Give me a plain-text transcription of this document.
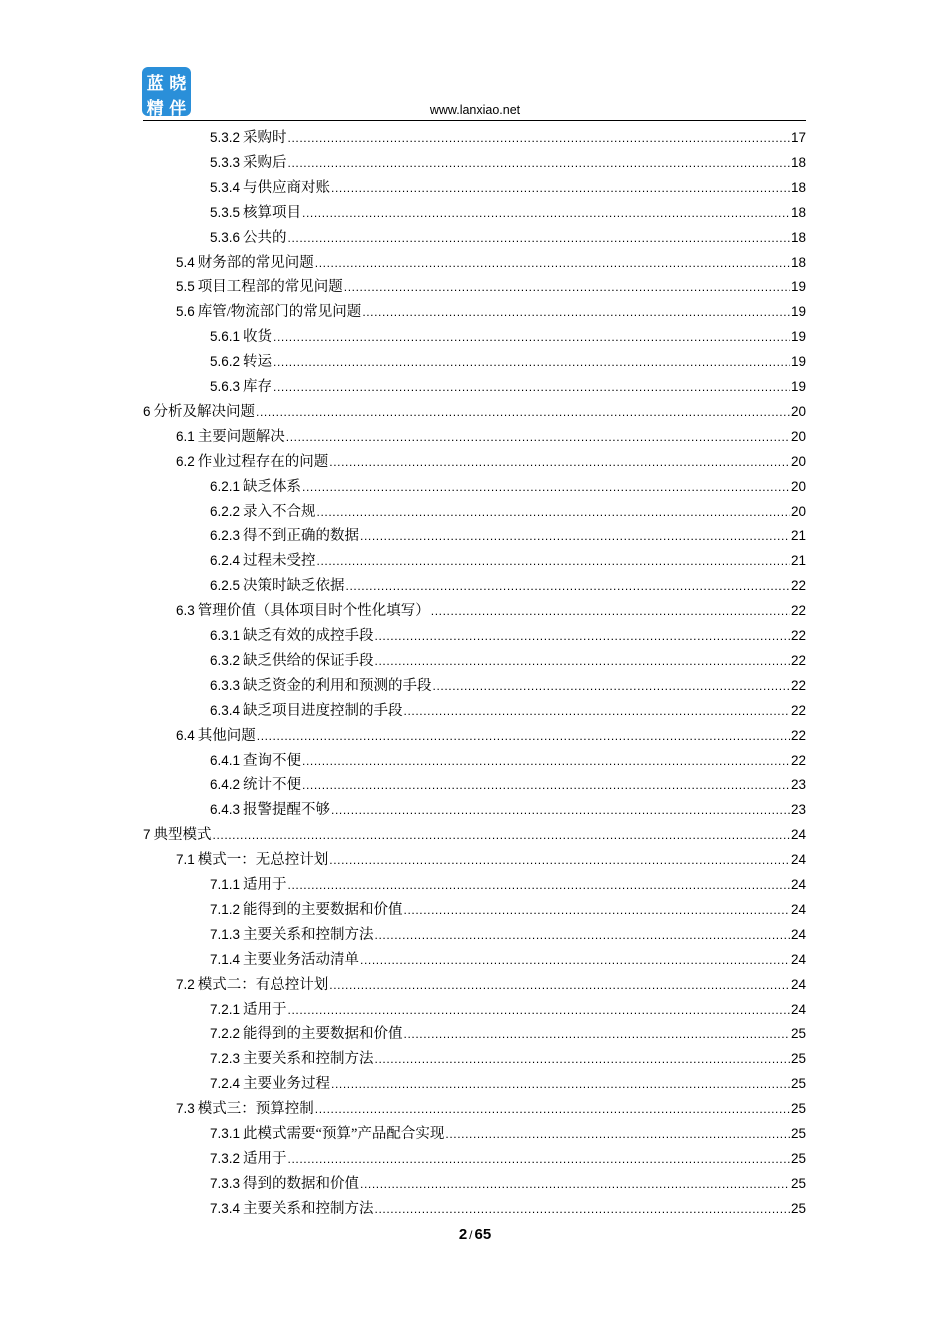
蓝 晓
精 伴	www.lanxiao.net
5.3.2 采购时 .....	17
5.3.3 采购后 .....	18
5.3.4 与供应商对账 .....	18
5.3.5 核算项目 .....	18
5.3.6 公共的 .....	18
5.4 财务部的常见问题 .....	18
5.5 项目工程部的常见问题 .....	19
5.6 库管/物流部门的常见问题 .....	19
5.6.1 收货 .....	19
5.6.2 转运 .....	19
5.6.3 库存 .....	19
6 分析及解决问题 .....	20
6.1 主要问题解决 .....	20
6.2 作业过程存在的问题 .....	20
6.2.1 缺乏体系 .....	20
6.2.2 录入不合规 .....	20
6.2.3 得不到正确的数据 .....	21
6.2.4 过程未受控 .....	21
6.2.5 决策时缺乏依据 .....	22
6.3 管理价值（具体项目时个性化填写） .....	22
6.3.1 缺乏有效的成控手段 .....	22
6.3.2 缺乏供给的保证手段 .....	22
6.3.3 缺乏资金的利用和预测的手段 .....	22
6.3.4 缺乏项目进度控制的手段 .....	22
6.4 其他问题 .....	22
6.4.1 查询不便 .....	22
6.4.2 统计不便 .....	23
6.4.3 报警提醒不够 .....	23
7 典型模式 .....	24
7.1 模式一：无总控计划 .....	24
7.1.1 适用于 .....	24
7.1.2 能得到的主要数据和价值 .....	24
7.1.3 主要关系和控制方法 .....	24
7.1.4 主要业务活动清单 .....	24
7.2 模式二：有总控计划 .....	24
7.2.1 适用于 .....	24
7.2.2 能得到的主要数据和价值 .....	25
7.2.3 主要关系和控制方法 .....	25
7.2.4 主要业务过程 .....	25
7.3 模式三：预算控制 .....	25
7.3.1 此模式需要“预算”产品配合实现 .....	25
7.3.2 适用于 .....	25
7.3.3 得到的数据和价值 .....	25
7.3.4 主要关系和控制方法 .....	25
2 / 65
